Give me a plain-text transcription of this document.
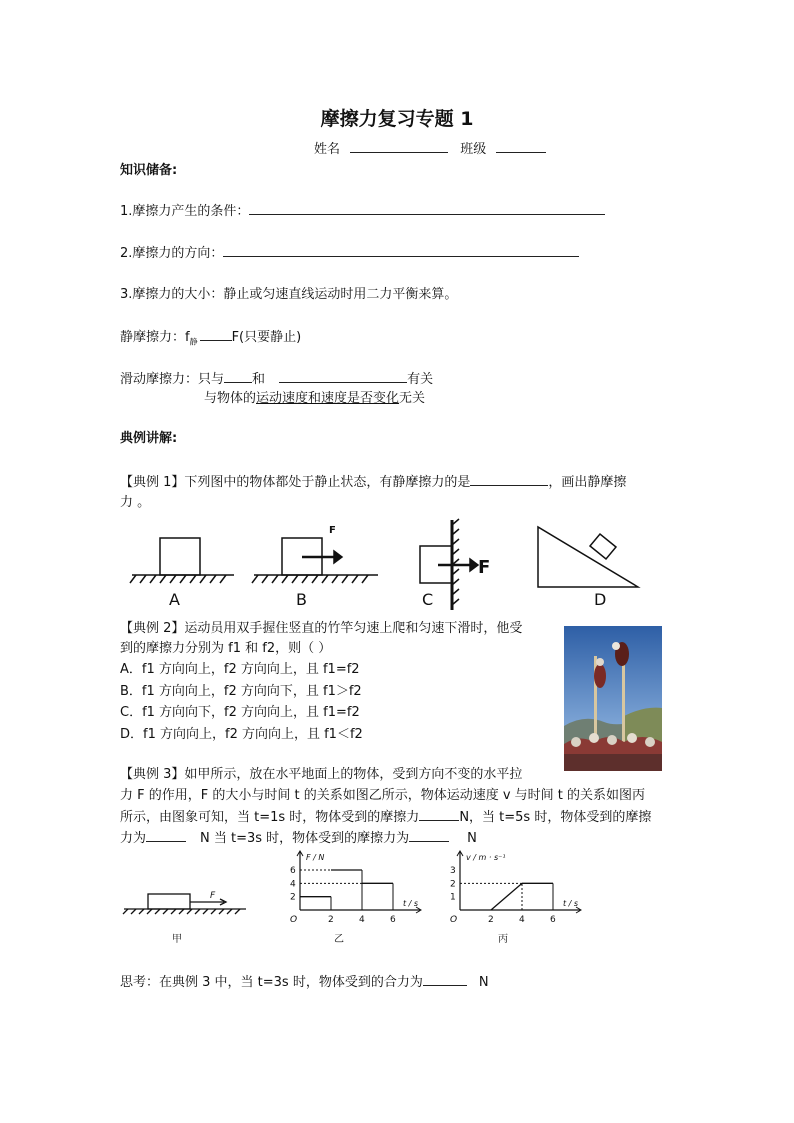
摩擦力复习专题 1
姓名	班级
知识储备:
1.摩擦力产生的条件：
2.摩擦力的方向：
3.摩擦力的大小：静止或匀速直线运动时用二力平衡来算。
静摩擦力：$f_静$	F(只要静止)
滑动摩擦力：只与 和	有关
与物体的运动速度和速度是否变化无关
典例讲解:
【典例 1】下列图中的物体都处于静止状态，有静摩擦力的是	，画出静摩擦
力 。
A
F
B
F
C	D
【典例 2】运动员用双手握住竖直的竹竿匀速上爬和匀速下滑时，他受
到的摩擦力分别为 f1 和 f2，则（ ）
A．f1 方向向上，f2 方向向上，且 f1=f2
B．f1 方向向上，f2 方向向下，且 f1＞f2
C．f1 方向向下，f2 方向向上，且 f1=f2
D．f1 方向向上，f2 方向向上，且 f1＜f2
【典例 3】如甲所示，放在水平地面上的物体，受到方向不变的水平拉
力 F 的作用，F 的大小与时间 t 的关系如图乙所示，物体运动速度 v 与时间 t 的关系如图丙
所示，由图象可知，当 t=1s 时，物体受到的摩擦力	N，当 t=5s 时，物体受到的摩擦
力为	N 当 t=3s 时，物体受到的摩擦力为	N
F
甲
F / N
t / s
O	2	4	6
6
4
2
乙
v / m · s⁻¹
t / s
O	2	4	6
3
2
1
丙
思考：在典例 3 中，当 t=3s 时，物体受到的合力为	N
